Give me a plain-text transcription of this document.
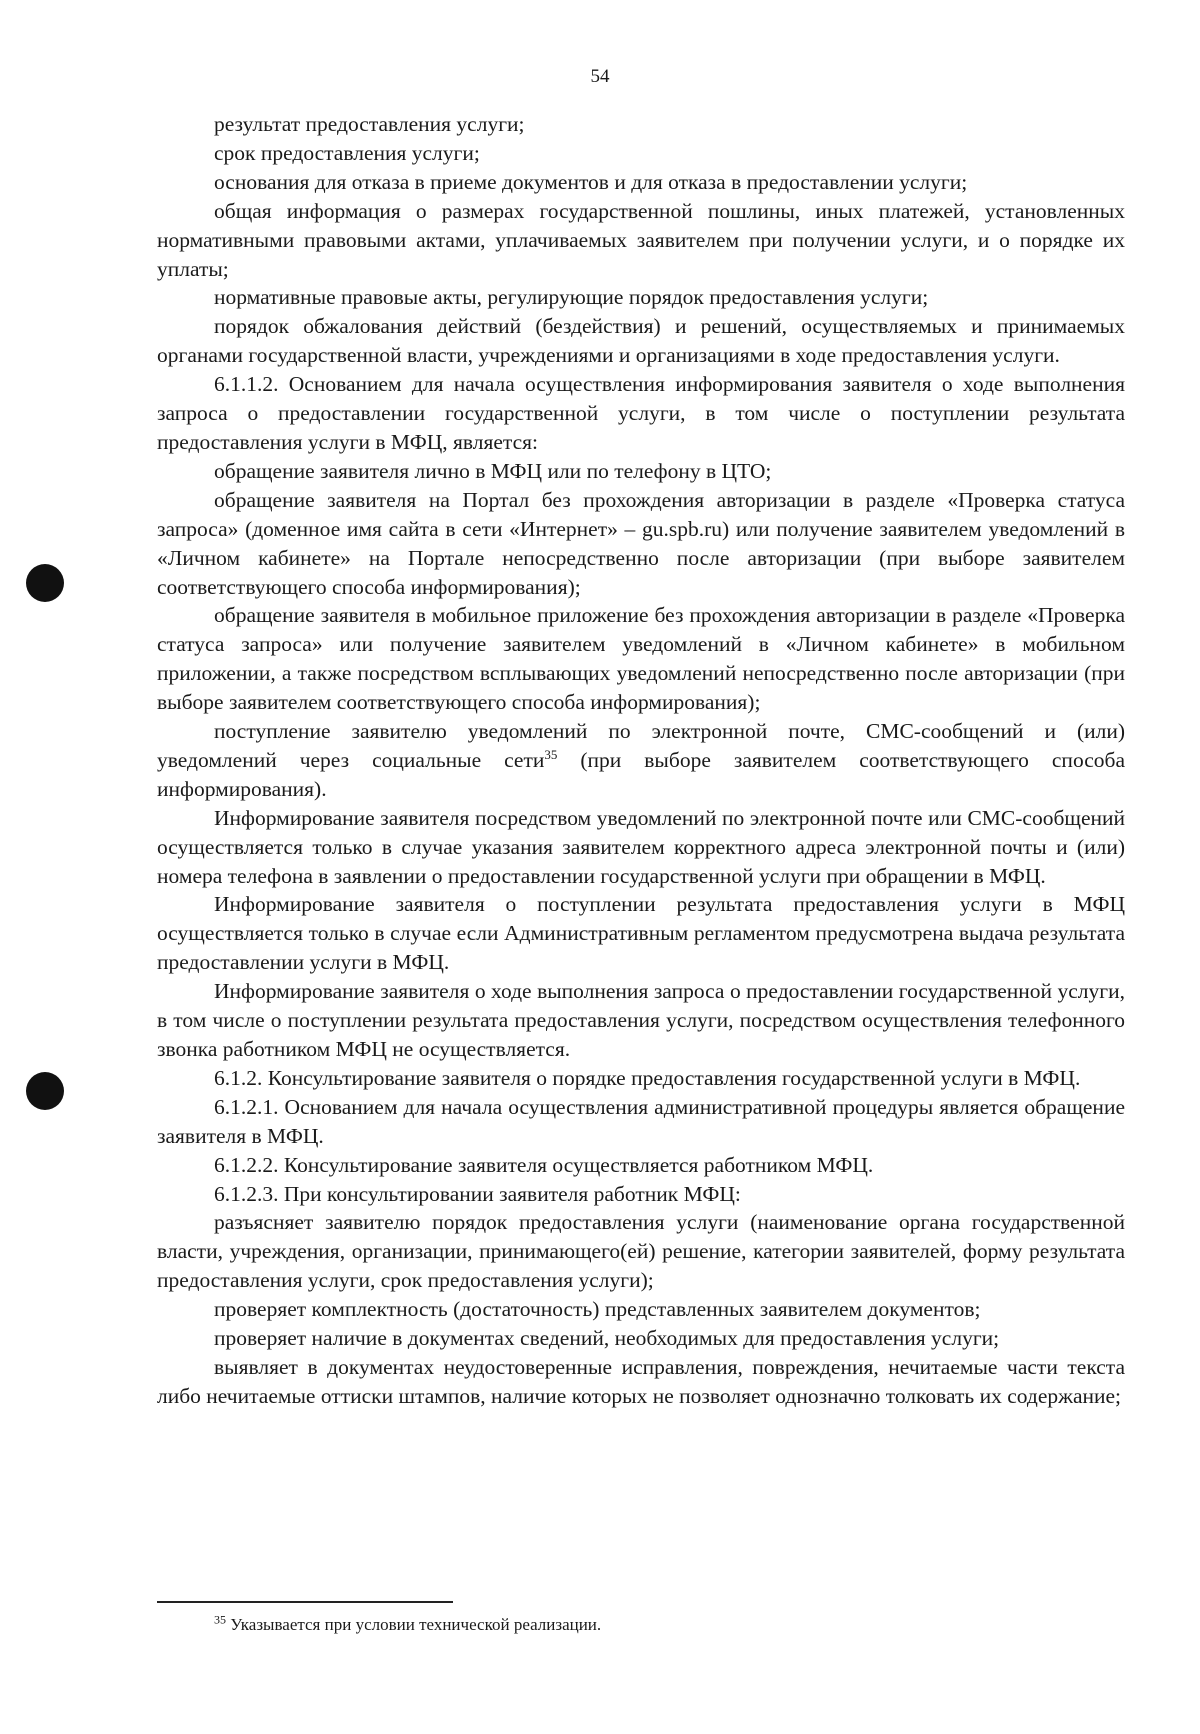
54

результат предоставления услуги;

срок предоставления услуги;

основания для отказа в приеме документов и для отказа в предоставлении услуги;

общая информация о размерах государственной пошлины, иных платежей, установленных нормативными правовыми актами, уплачиваемых заявителем при получении услуги, и о порядке их уплаты;

нормативные правовые акты, регулирующие порядок предоставления услуги;

порядок обжалования действий (бездействия) и решений, осуществляемых и принимаемых органами государственной власти, учреждениями и организациями в ходе предоставления услуги.

6.1.1.2. Основанием для начала осуществления информирования заявителя о ходе выполнения запроса о предоставлении государственной услуги, в том числе о поступлении результата предоставления услуги в МФЦ, является:

обращение заявителя лично в МФЦ или по телефону в ЦТО;

обращение заявителя на Портал без прохождения авторизации в разделе «Проверка статуса запроса» (доменное имя сайта в сети «Интернет» – gu.spb.ru) или получение заявителем уведомлений в «Личном кабинете» на Портале непосредственно после авторизации (при выборе заявителем соответствующего способа информирования);

обращение заявителя в мобильное приложение без прохождения авторизации в разделе «Проверка статуса запроса» или получение заявителем уведомлений в «Личном кабинете» в мобильном приложении, а также посредством всплывающих уведомлений непосредственно после авторизации (при выборе заявителем соответствующего способа информирования);

поступление заявителю уведомлений по электронной почте, СМС-сообщений и (или) уведомлений через социальные сети$^{35}$ (при выборе заявителем соответствующего способа информирования).

Информирование заявителя посредством уведомлений по электронной почте или СМС-сообщений осуществляется только в случае указания заявителем корректного адреса электронной почты и (или) номера телефона в заявлении о предоставлении государственной услуги при обращении в МФЦ.

Информирование заявителя о поступлении результата предоставления услуги в МФЦ осуществляется только в случае если Административным регламентом предусмотрена выдача результата предоставлении услуги в МФЦ.

Информирование заявителя о ходе выполнения запроса о предоставлении государственной услуги, в том числе о поступлении результата предоставления услуги, посредством осуществления телефонного звонка работником МФЦ не осуществляется.

6.1.2. Консультирование заявителя о порядке предоставления государственной услуги в МФЦ.

6.1.2.1. Основанием для начала осуществления административной процедуры является обращение заявителя в МФЦ.

6.1.2.2. Консультирование заявителя осуществляется работником МФЦ.

6.1.2.3. При консультировании заявителя работник МФЦ:

разъясняет заявителю порядок предоставления услуги (наименование органа государственной власти, учреждения, организации, принимающего(ей) решение, категории заявителей, форму результата предоставления услуги, срок предоставления услуги);

проверяет комплектность (достаточность) представленных заявителем документов;

проверяет наличие в документах сведений, необходимых для предоставления услуги;

выявляет в документах неудостоверенные исправления, повреждения, нечитаемые части текста либо нечитаемые оттиски штампов, наличие которых не позволяет однозначно толковать их содержание;

$^{35}$ Указывается при условии технической реализации.
